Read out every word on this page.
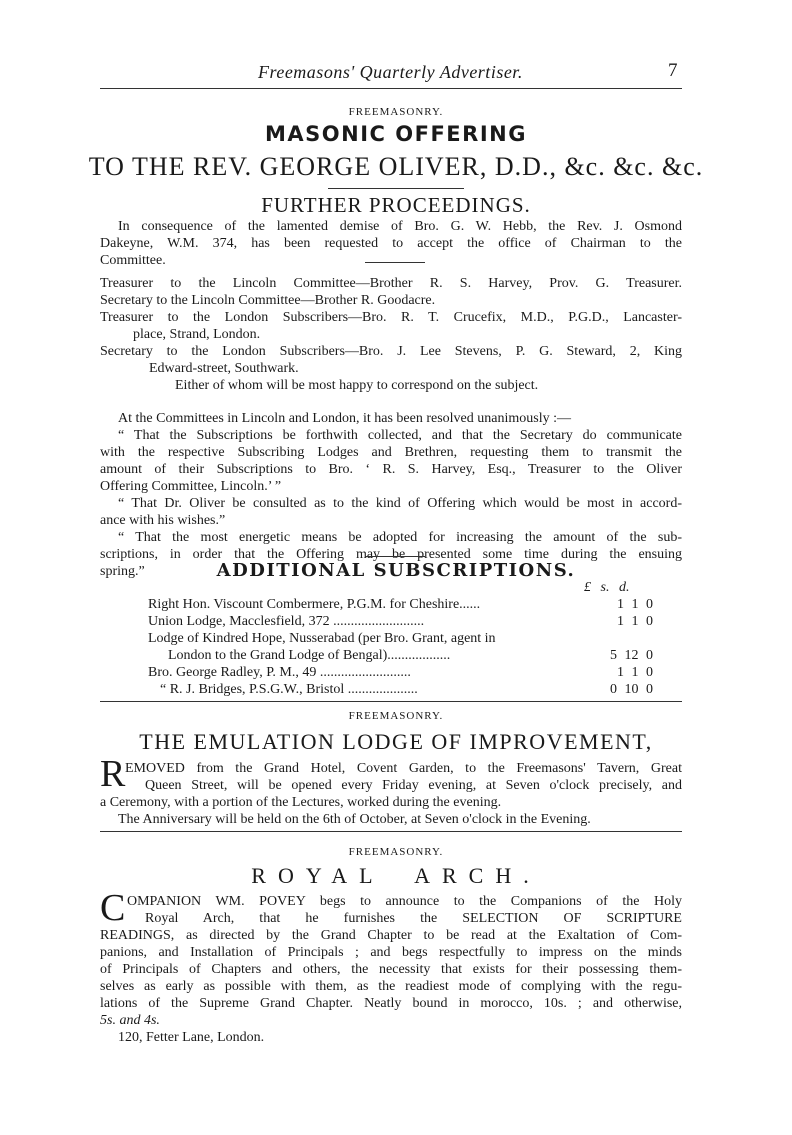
Freemasons' Quarterly Advertiser.	7
FREEMASONRY.
MASONIC OFFERING
TO THE REV. GEORGE OLIVER, D.D., &c. &c. &c.
FURTHER PROCEEDINGS.
In consequence of the lamented demise of Bro. G. W. Hebb, the Rev. J. Osmond
Dakeyne, W.M. 374, has been requested to accept the office of Chairman to the
Committee.
Treasurer to the Lincoln Committee—Brother R. S. Harvey, Prov. G. Treasurer.
Secretary to the Lincoln Committee—Brother R. Goodacre.
Treasurer to the London Subscribers—Bro. R. T. Crucefix, M.D., P.G.D., Lancaster-
place, Strand, London.
Secretary to the London Subscribers—Bro. J. Lee Stevens, P. G. Steward, 2, King
Edward-street, Southwark.
Either of whom will be most happy to correspond on the subject.
At the Committees in Lincoln and London, it has been resolved unanimously :—
“ That the Subscriptions be forthwith collected, and that the Secretary do communicate
with the respective Subscribing Lodges and Brethren, requesting them to transmit the
amount of their Subscriptions to Bro. ‘ R. S. Harvey, Esq., Treasurer to the Oliver
Offering Committee, Lincoln.’ ”
“ That Dr. Oliver be consulted as to the kind of Offering which would be most in accord-
ance with his wishes.”
“ That the most energetic means be adopted for increasing the amount of the sub-
scriptions, in order that the Offering may be presented some time during the ensuing
spring.”	ADDITIONAL SUBSCRIPTIONS.
£ s. d.
Right Hon. Viscount Combermere, P.G.M. for Cheshire......	1 1 0
Union Lodge, Macclesfield, 372 ..........................	1 1 0
Lodge of Kindred Hope, Nusserabad (per Bro. Grant, agent in
London to the Grand Lodge of Bengal)..................	5 12 0
Bro. George Radley, P. M., 49 ..........................	1 1 0
“ R. J. Bridges, P.S.G.W., Bristol ....................	0 10 0
FREEMASONRY.
THE EMULATION LODGE OF IMPROVEMENT,
R EMOVED from the Grand Hotel, Covent Garden, to the Freemasons' Tavern, Great
Queen Street, will be opened every Friday evening, at Seven o'clock precisely, and
a Ceremony, with a portion of the Lectures, worked during the evening.
The Anniversary will be held on the 6th of October, at Seven o'clock in the Evening.
FREEMASONRY.
ROYAL ARCH.
C OMPANION WM. POVEY begs to announce to the Companions of the Holy
Royal Arch, that he furnishes the SELECTION OF SCRIPTURE
READINGS, as directed by the Grand Chapter to be read at the Exaltation of Com-
panions, and Installation of Principals ; and begs respectfully to impress on the minds
of Principals of Chapters and others, the necessity that exists for their possessing them-
selves as early as possible with them, as the readiest mode of complying with the regu-
lations of the Supreme Grand Chapter. Neatly bound in morocco, 10s. ; and otherwise,
5s. and 4s.
120, Fetter Lane, London.
